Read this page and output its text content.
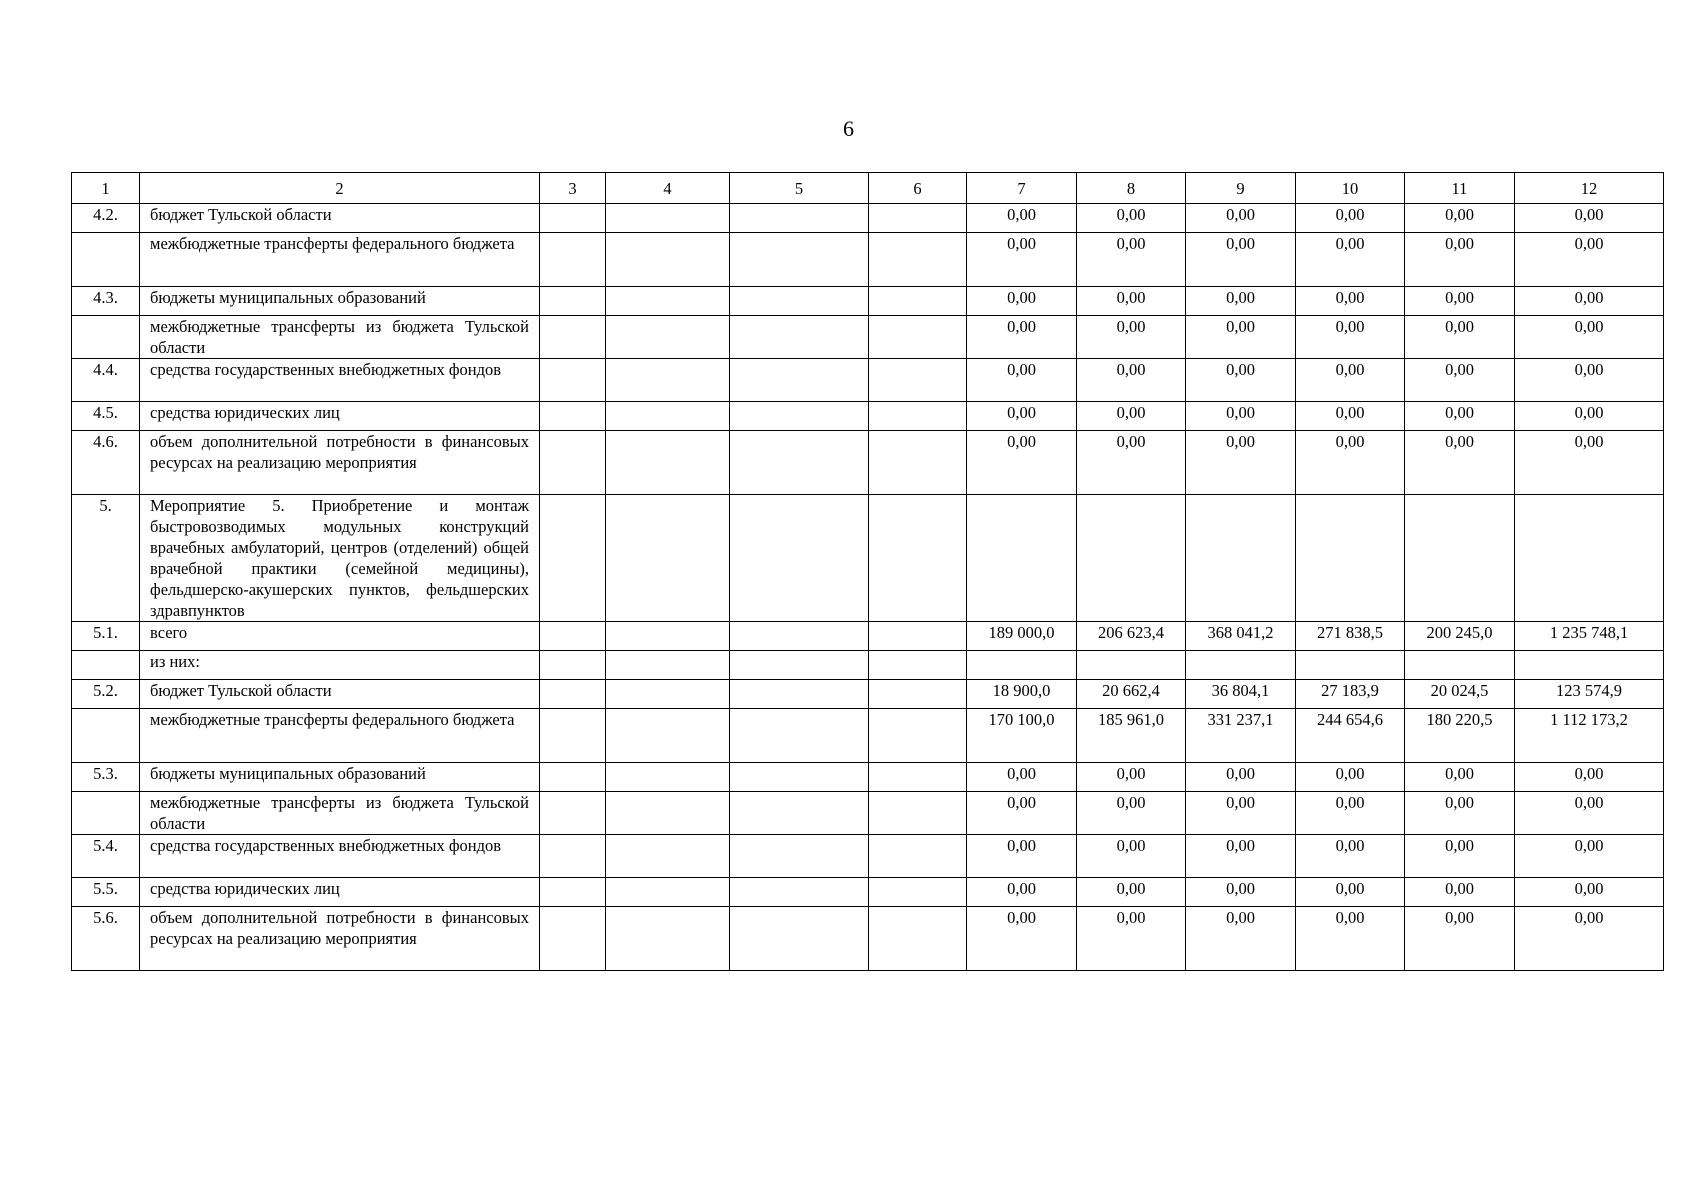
6
1	2	3	4	5	6	7	8	9	10	11	12
4.2.	бюджет Тульской области					0,00	0,00	0,00	0,00	0,00	0,00
	межбюджетные трансферты федерального бюджета					0,00	0,00	0,00	0,00	0,00	0,00
4.3.	бюджеты муниципальных образований					0,00	0,00	0,00	0,00	0,00	0,00
	межбюджетные трансферты из бюджета Тульской области					0,00	0,00	0,00	0,00	0,00	0,00
4.4.	средства государственных внебюджетных фондов					0,00	0,00	0,00	0,00	0,00	0,00
4.5.	средства юридических лиц					0,00	0,00	0,00	0,00	0,00	0,00
4.6.	объем дополнительной потребности в финансовых ресурсах на реализацию мероприятия					0,00	0,00	0,00	0,00	0,00	0,00
5.	Мероприятие 5. Приобретение и монтаж быстровозводимых модульных конструкций врачебных амбулаторий, центров (отделений) общей врачебной практики (семейной медицины), фельдшерско-акушерских пунктов, фельдшерских здравпунктов										
5.1.	всего					189 000,0	206 623,4	368 041,2	271 838,5	200 245,0	1 235 748,1
	из них:										
5.2.	бюджет Тульской области					18 900,0	20 662,4	36 804,1	27 183,9	20 024,5	123 574,9
	межбюджетные трансферты федерального бюджета					170 100,0	185 961,0	331 237,1	244 654,6	180 220,5	1 112 173,2
5.3.	бюджеты муниципальных образований					0,00	0,00	0,00	0,00	0,00	0,00
	межбюджетные трансферты из бюджета Тульской области					0,00	0,00	0,00	0,00	0,00	0,00
5.4.	средства государственных внебюджетных фондов					0,00	0,00	0,00	0,00	0,00	0,00
5.5.	средства юридических лиц					0,00	0,00	0,00	0,00	0,00	0,00
5.6.	объем дополнительной потребности в финансовых ресурсах на реализацию мероприятия					0,00	0,00	0,00	0,00	0,00	0,00
